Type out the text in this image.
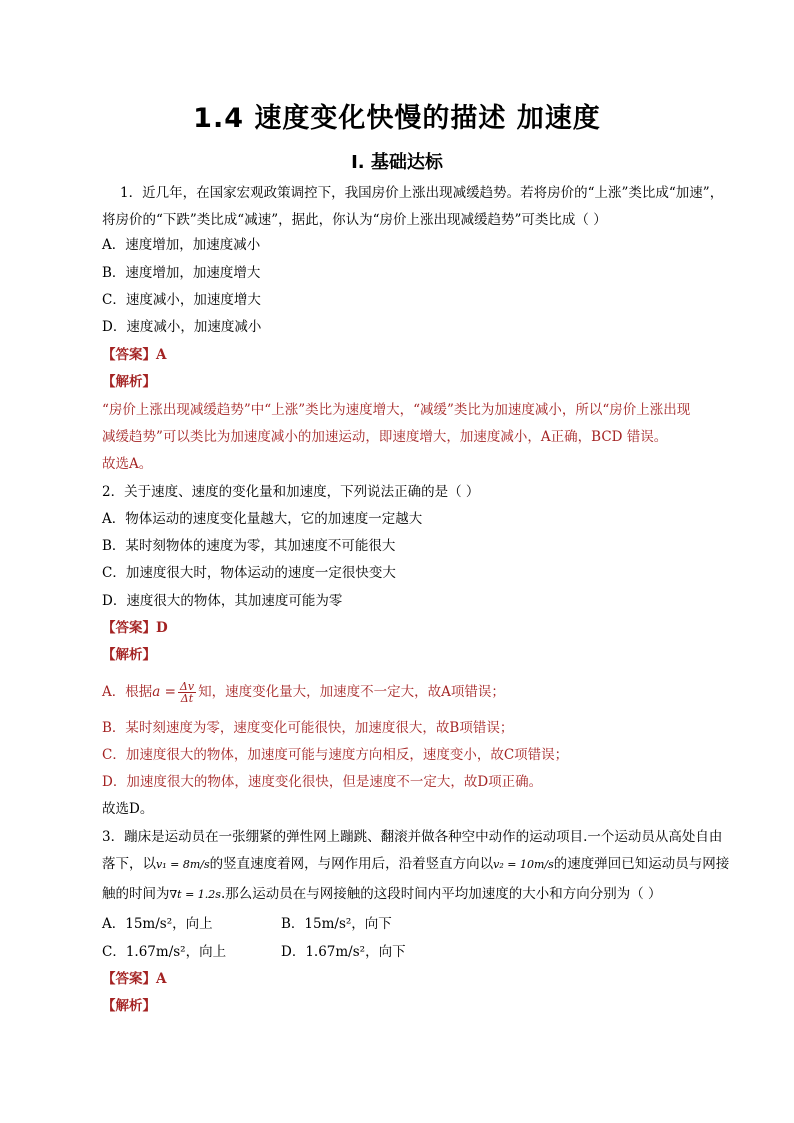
1.4 速度变化快慢的描述 加速度
Ⅰ. 基础达标
1．近几年，在国家宏观政策调控下，我国房价上涨出现减缓趋势。若将房价的“上涨”类比成“加速”，
将房价的“下跌”类比成“减速”，据此，你认为“房价上涨出现减缓趋势”可类比成（ ）
A．速度增加，加速度减小
B．速度增加，加速度增大
C．速度减小，加速度增大
D．速度减小，加速度减小
【答案】A
【解析】
“房价上涨出现减缓趋势”中“上涨”类比为速度增大，“减缓”类比为加速度减小，所以“房价上涨出现
减缓趋势”可以类比为加速度减小的加速运动，即速度增大，加速度减小，A正确，BCD 错误。
故选A。
2．关于速度、速度的变化量和加速度，下列说法正确的是（ ）
A．物体运动的速度变化量越大，它的加速度一定越大
B．某时刻物体的速度为零，其加速度不可能很大
C．加速度很大时，物体运动的速度一定很快变大
D．速度很大的物体，其加速度可能为零
【答案】D
【解析】
A．根据$a = \frac{\Delta v}{\Delta t}$ 知，速度变化量大，加速度不一定大，故A项错误；
B．某时刻速度为零，速度变化可能很快，加速度很大，故B项错误；
C．加速度很大的物体，加速度可能与速度方向相反，速度变小，故C项错误；
D．加速度很大的物体，速度变化很快，但是速度不一定大，故D项正确。
故选D。
3．蹦床是运动员在一张绷紧的弹性网上蹦跳、翻滚并做各种空中动作的运动项目.一个运动员从高处自由
落下，以v₁ = 8m/s的竖直速度着网，与网作用后，沿着竖直方向以v₂ = 10m/s的速度弹回已知运动员与网接
触的时间为∇t = 1.2s.那么运动员在与网接触的这段时间内平均加速度的大小和方向分别为（ ）
A．15m/s²，向上	B．15m/s²，向下
C．1.67m/s²，向上	D．1.67m/s²，向下
【答案】A
【解析】
